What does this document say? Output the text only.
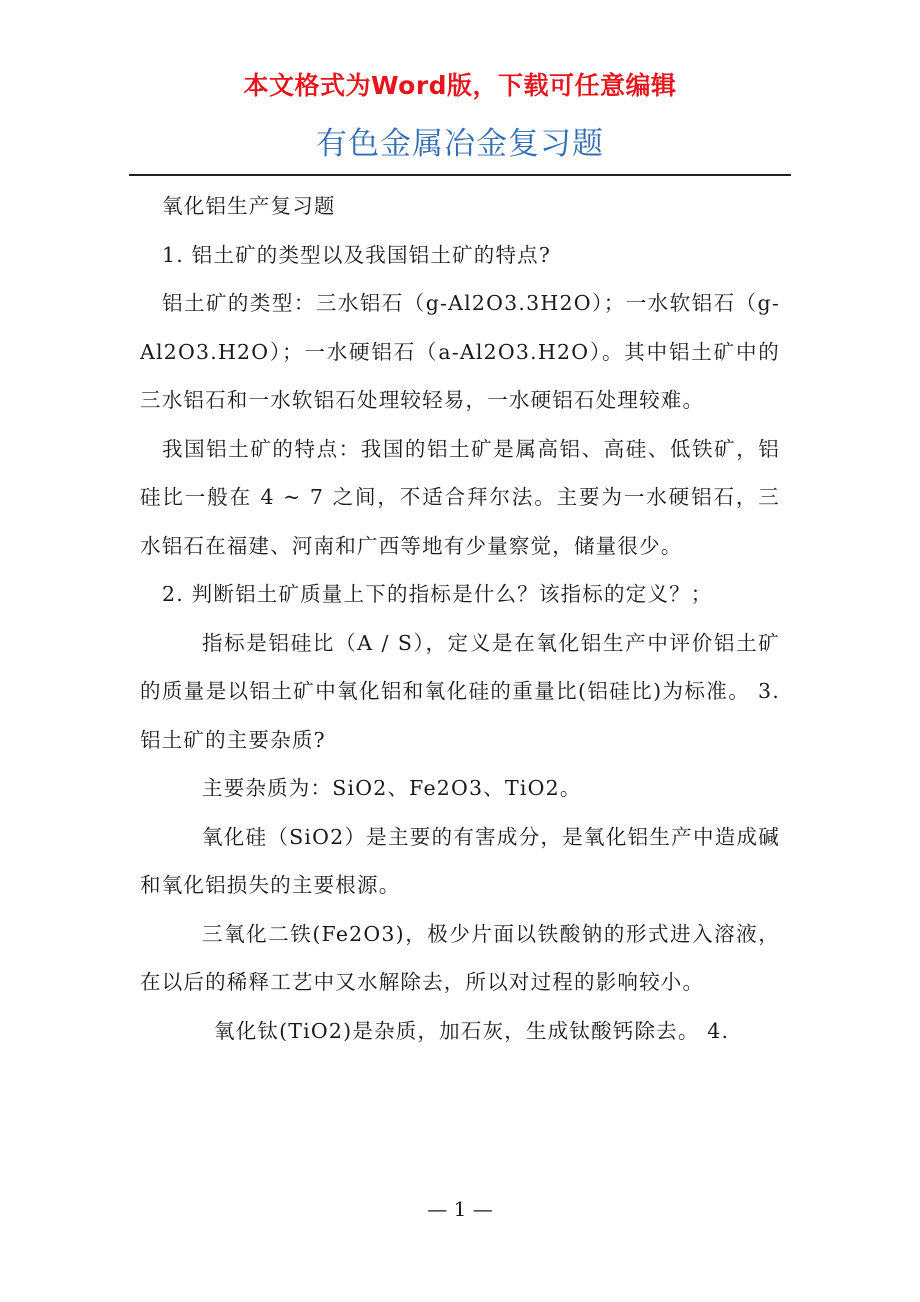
本文格式为Word版，下载可任意编辑
有色金属冶金复习题

氧化铝生产复习题

1. 铝土矿的类型以及我国铝土矿的特点?

铝土矿的类型：三水铝石（g-Al2O3.3H2O）；一水软铝石（g-Al2O3.H2O）；一水硬铝石（a-Al2O3.H2O）。其中铝土矿中的三水铝石和一水软铝石处理较轻易，一水硬铝石处理较难。

我国铝土矿的特点：我国的铝土矿是属高铝、高硅、低铁矿，铝硅比一般在 4 ~ 7 之间，不适合拜尔法。主要为一水硬铝石，三水铝石在福建、河南和广西等地有少量察觉，储量很少。

2. 判断铝土矿质量上下的指标是什么？该指标的定义？；

指标是铝硅比（A / S），定义是在氧化铝生产中评价铝土矿的质量是以铝土矿中氧化铝和氧化硅的重量比(铝硅比)为标准。 3. 铝土矿的主要杂质?

主要杂质为：SiO2、Fe2O3、TiO2。

氧化硅（SiO2）是主要的有害成分，是氧化铝生产中造成碱和氧化铝损失的主要根源。

三氧化二铁(Fe2O3)，极少片面以铁酸钠的形式进入溶液，在以后的稀释工艺中又水解除去，所以对过程的影响较小。

氧化钛(TiO2)是杂质，加石灰，生成钛酸钙除去。 4.

— 1 —
